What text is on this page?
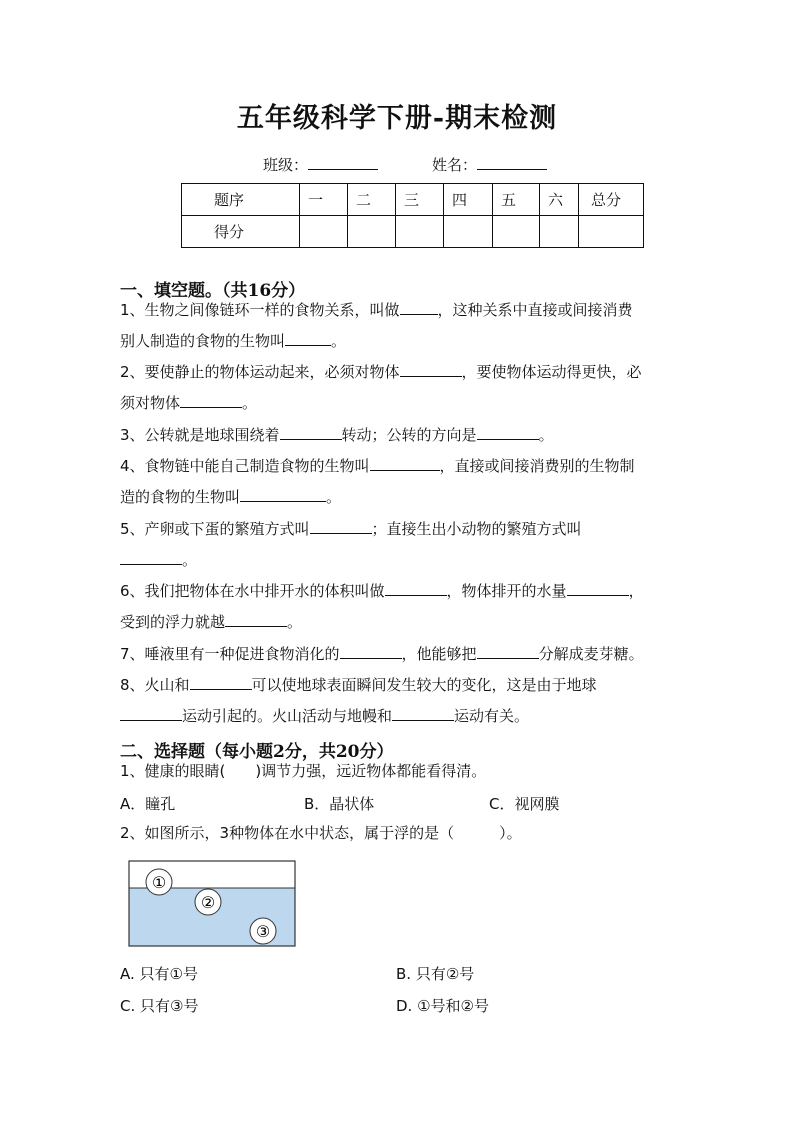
五年级科学下册-期末检测
班级：	姓名：
题序	一	二	三	四	五	六	总分
得分							
一、填空题。（共16分）
1、生物之间像链环一样的食物关系，叫做	，这种关系中直接或间接消费
别人制造的食物的生物叫	。
2、要使静止的物体运动起来，必须对物体	，要使物体运动得更快，必
须对物体	。
3、公转就是地球围绕着	转动；公转的方向是	。
4、食物链中能自己制造食物的生物叫	，直接或间接消费别的生物制
造的食物的生物叫	。
5、产卵或下蛋的繁殖方式叫	；直接生出小动物的繁殖方式叫
。
6、我们把物体在水中排开水的体积叫做	，物体排开的水量	，
受到的浮力就越	。
7、唾液里有一种促进食物消化的	，他能够把	分解成麦芽糖。
8、火山和	可以使地球表面瞬间发生较大的变化，这是由于地球
运动引起的。火山活动与地幔和	运动有关。
二、选择题（每小题2分，共20分）
1、健康的眼睛(　　)调节力强，远近物体都能看得清。
A．瞳孔	B．晶状体	C．视网膜
2、如图所示，3种物体在水中状态，属于浮的是（　　　）。
①
②
③
A. 只有①号	B. 只有②号
C. 只有③号	D. ①号和②号
